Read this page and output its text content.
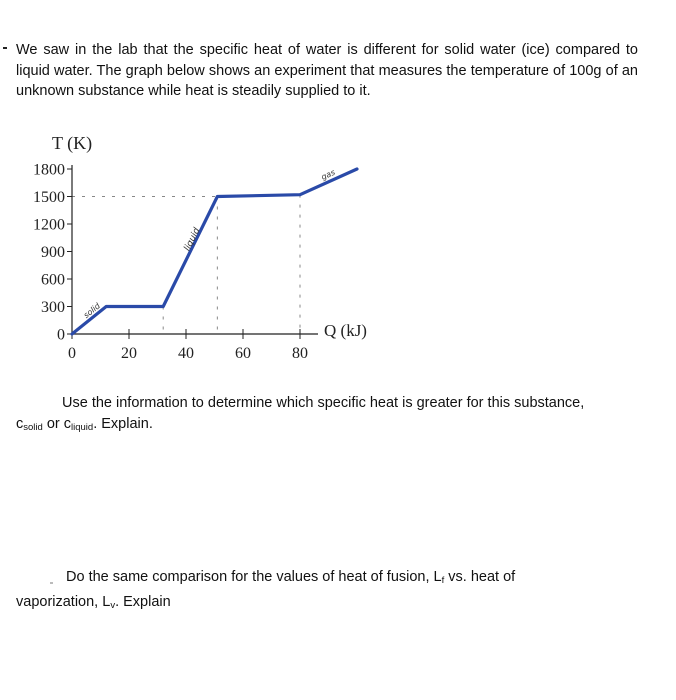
We saw in the lab that the specific heat of water is different for solid water (ice) compared to liquid water. The graph below shows an experiment that measures the temperature of 100g of an unknown substance while heat is steadily supplied to it.
0
300
600
900
1200
1500
1800
0	20	40	60	80
T (K)
Q (kJ)
solid
liquid
gas
Use the information to determine which specific heat is greater for this substance,
$c_{solid}$ or $c_{liquid}$. Explain.
Do the same comparison for the values of heat of fusion, $L_f$ vs. heat of
vaporization, $L_v$. Explain
